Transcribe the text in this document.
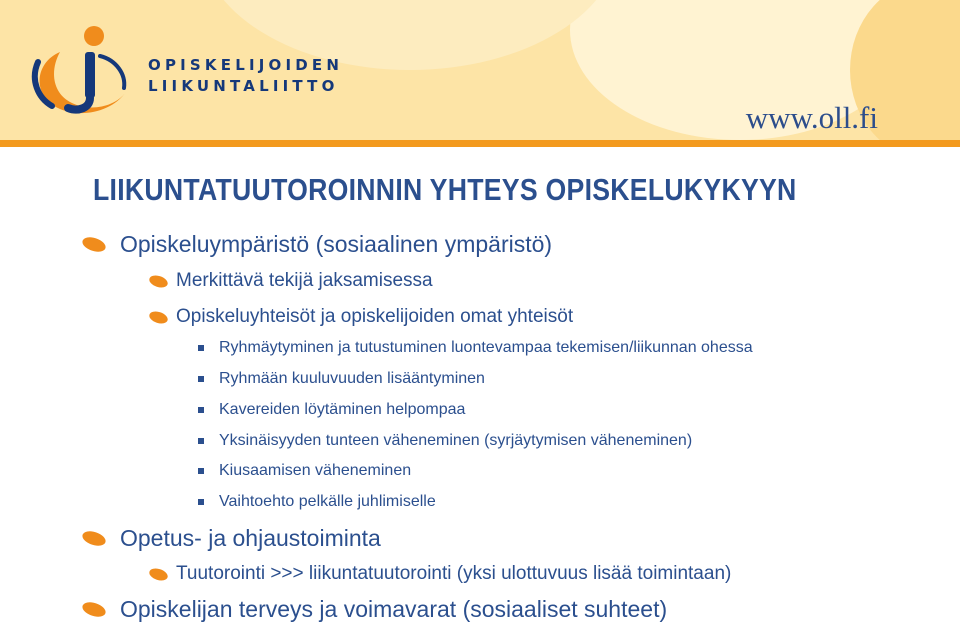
OPISKELIJOIDEN
LIIKUNTALIITTO
www.oll.fi
LIIKUNTATUUTOROINNIN YHTEYS OPISKELUKYKYYN
Opiskeluympäristö (sosiaalinen ympäristö)
Merkittävä tekijä jaksamisessa
Opiskeluyhteisöt ja opiskelijoiden omat yhteisöt
Ryhmäytyminen ja tutustuminen luontevampaa tekemisen/liikunnan ohessa
Ryhmään kuuluvuuden lisääntyminen
Kavereiden löytäminen helpompaa
Yksinäisyyden tunteen väheneminen (syrjäytymisen väheneminen)
Kiusaamisen väheneminen
Vaihtoehto pelkälle juhlimiselle
Opetus- ja ohjaustoiminta
Tuutorointi >>> liikuntatuutorointi (yksi ulottuvuus lisää toimintaan)
Opiskelijan terveys ja voimavarat (sosiaaliset suhteet)
